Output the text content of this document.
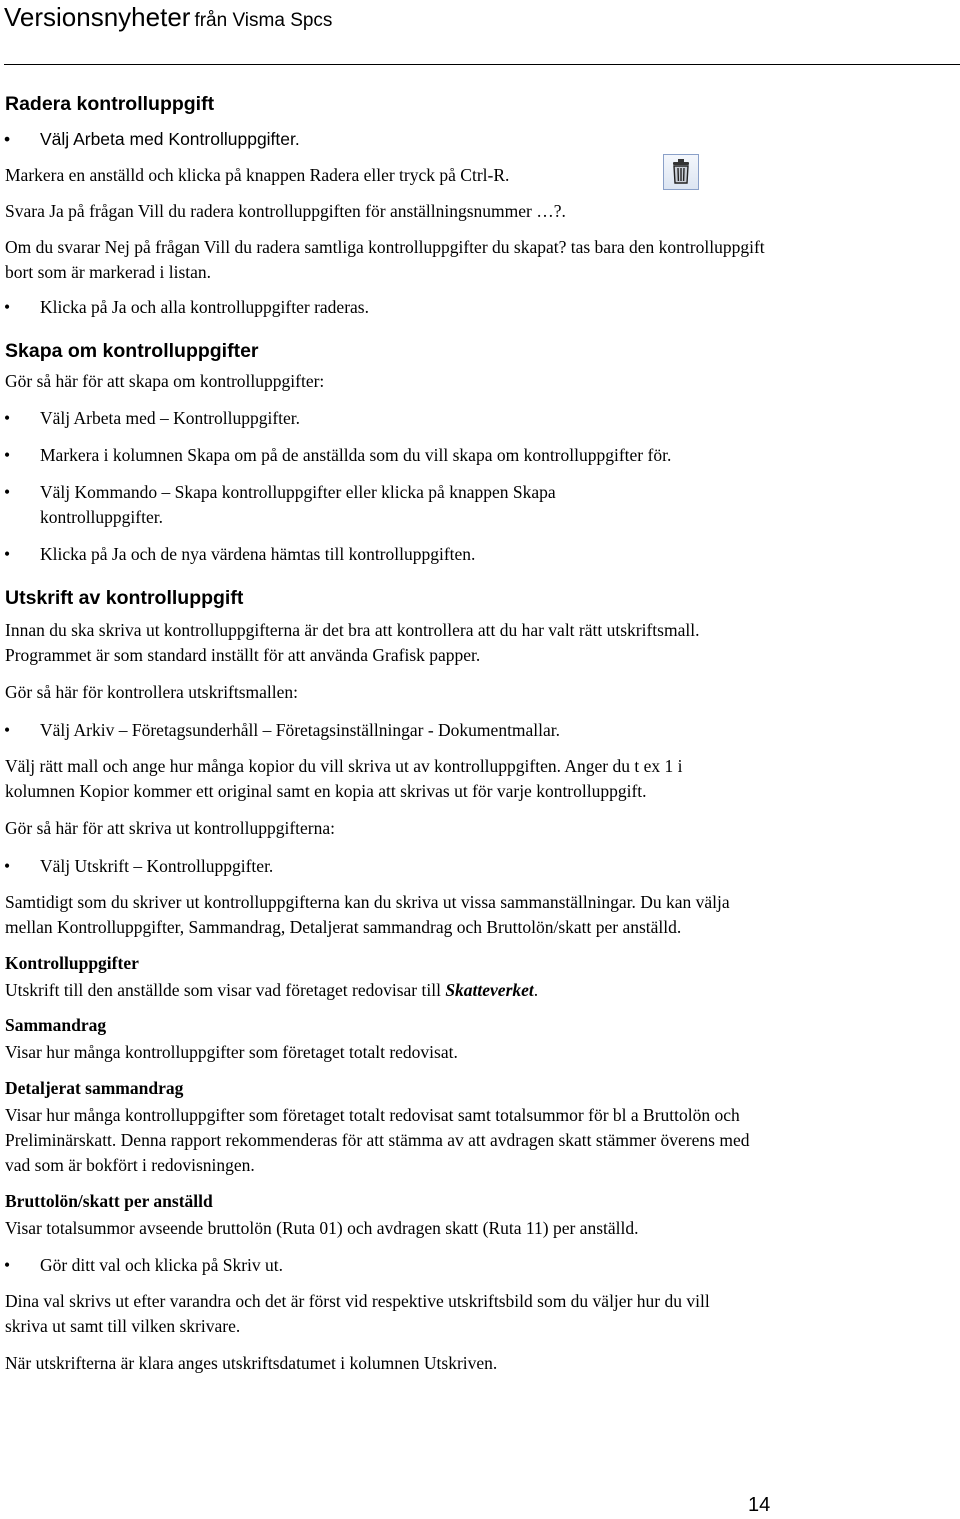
Versionsnyheter från Visma Spcs
Radera kontrolluppgift
• Välj Arbeta med Kontrolluppgifter.

Markera en anställd och klicka på knappen Radera eller tryck på Ctrl-R.

Svara Ja på frågan Vill du radera kontrolluppgiften för anställningsnummer …?.

Om du svarar Nej på frågan Vill du radera samtliga kontrolluppgifter du skapat? tas bara den kontrolluppgift bort som är markerad i listan.

• Klicka på Ja och alla kontrolluppgifter raderas.
Skapa om kontrolluppgifter

Gör så här för att skapa om kontrolluppgifter:

• Välj Arbeta med – Kontrolluppgifter.
• Markera i kolumnen Skapa om på de anställda som du vill skapa om kontrolluppgifter för.
• Välj Kommando – Skapa kontrolluppgifter eller klicka på knappen Skapa kontrolluppgifter.
• Klicka på Ja och de nya värdena hämtas till kontrolluppgiften.
Utskrift av kontrolluppgift

Innan du ska skriva ut kontrolluppgifterna är det bra att kontrollera att du har valt rätt utskriftsmall. Programmet är som standard inställt för att använda Grafisk papper.

Gör så här för kontrollera utskriftsmallen:

• Välj Arkiv – Företagsunderhåll – Företagsinställningar - Dokumentmallar.

Välj rätt mall och ange hur många kopior du vill skriva ut av kontrolluppgiften. Anger du t ex 1 i kolumnen Kopior kommer ett original samt en kopia att skrivas ut för varje kontrolluppgift.

Gör så här för att skriva ut kontrolluppgifterna:

• Välj Utskrift – Kontrolluppgifter.

Samtidigt som du skriver ut kontrolluppgifterna kan du skriva ut vissa sammanställningar. Du kan välja mellan Kontrolluppgifter, Sammandrag, Detaljerat sammandrag och Bruttolön/skatt per anställd.

Kontrolluppgifter

Utskrift till den anställde som visar vad företaget redovisar till Skatteverket.

Sammandrag

Visar hur många kontrolluppgifter som företaget totalt redovisat.

Detaljerat sammandrag

Visar hur många kontrolluppgifter som företaget totalt redovisat samt totalsummor för bl a Bruttolön och Preliminärskatt. Denna rapport rekommenderas för att stämma av att avdragen skatt stämmer överens med vad som är bokfört i redovisningen.

Bruttolön/skatt per anställd

Visar totalsummor avseende bruttolön (Ruta 01) och avdragen skatt (Ruta 11) per anställd.

• Gör ditt val och klicka på Skriv ut.

Dina val skrivs ut efter varandra och det är först vid respektive utskriftsbild som du väljer hur du vill skriva ut samt till vilken skrivare.

När utskrifterna är klara anges utskriftsdatumet i kolumnen Utskriven.

14
